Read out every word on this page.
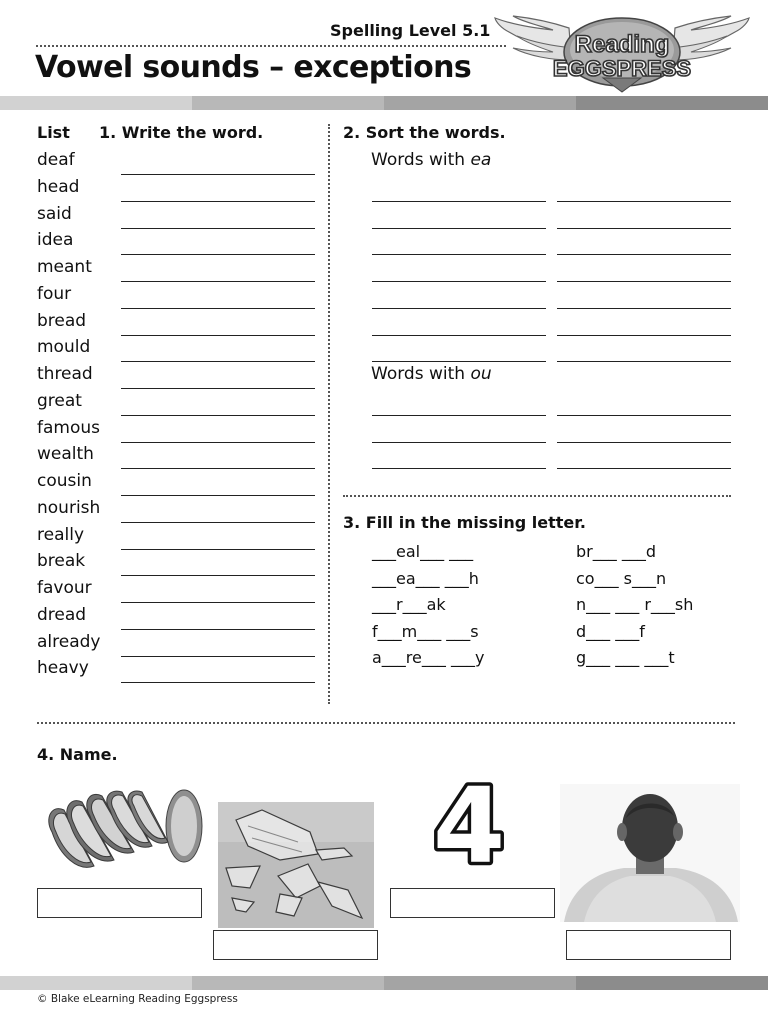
Spelling Level 5.1
Vowel sounds – exceptions
Reading
EGGSPRESS
List 1. Write the word.	2. Sort the words.
deaf
head
said
idea
meant
four
bread
mould
thread
great
famous
wealth
cousin
nourish
really
break
favour
dread
already
heavy
Words with ea
Words with ou
3. Fill in the missing letter.
___eal___ ___
___ea___ ___h
___r___ak
f___m___ ___s
a___re___ ___y
br___ ___d
co___ s___n
n___ ___ r___sh
d___ ___f
g___ ___ ___t
4. Name.
4
© Blake eLearning Reading Eggspress
